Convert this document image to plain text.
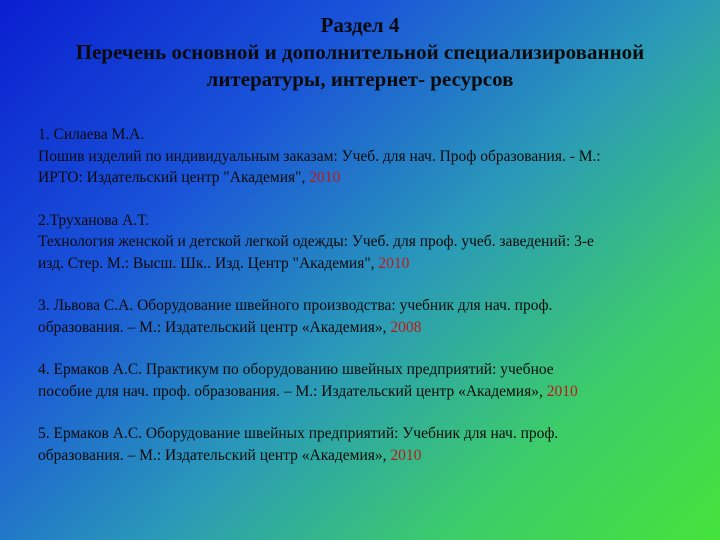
Раздел 4
Перечень основной и дополнительной специализированной
литературы, интернет- ресурсов
1. Силаева М.А.
Пошив изделий по индивидуальным заказам: Учеб. для нач. Проф образования. - М.:
ИРТО: Издательский центр "Академия", 2010
2.Труханова А.Т.
Технология женской и детской легкой одежды: Учеб. для проф. учеб. заведений: 3-е
изд. Стер. М.: Высш. Шк.. Изд. Центр "Академия", 2010
3. Львова С.А. Оборудование швейного производства: учебник для нач. проф.
образования. – М.: Издательский центр «Академия», 2008
4. Ермаков А.С. Практикум по оборудованию швейных предприятий: учебное
пособие для нач. проф. образования. – М.: Издательский центр «Академия», 2010
5. Ермаков А.С. Оборудование швейных предприятий: Учебник для нач. проф.
образования. – М.: Издательский центр «Академия», 2010
